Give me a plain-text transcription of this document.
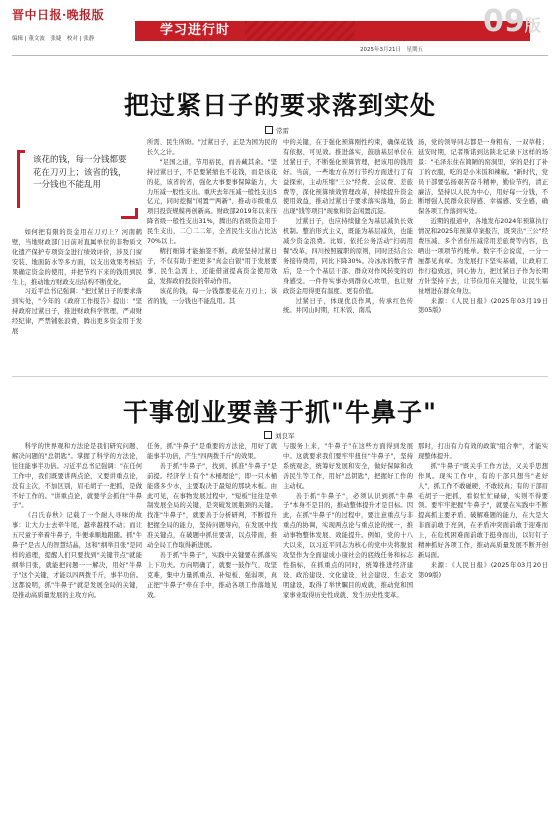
晋中日报·晚报版
编辑 | 董文波　张婕　校对 | 张静
学习进行时	09版
2025年3月21日　星期五
把过紧日子的要求落到实处
常雷
该花的钱，每一分钱都要花在刀刃上；该省的钱，一分钱也不能乱用

如何把有限的资金用在刀刃上？河南鹤壁，当地财政部门日前对直属单位的非物质文化遗产保护专项资金进行绩效评价，涉及门窗安装、地面防水等多方面，以支出效果考核结果确定资金的使用，并把节约下来的钱用到民生上，推动地方财政支出结构不断优化。

习近平总书记强调："把过紧日子的要求落到实处，"今年的《政府工作报告》提出："坚持政府过紧日子，推进财政科学管理，严肃财经纪律，严禁铺张浪费，腾出更多资金用于发展

所需、民生所盼。"过紧日子，正是为国为民的长久之计。

"足国之道，节用裕民，而善藏其余。"坚持过紧日子，不是要紧缩也不花钱，而是该花的花，该省的省，强化大事要事保障能力，大力压减一般性支出。重庆去年压减一般性支出5亿元，同时挖掘"闲置""两新"、推动市级重点项目投资规模再创新高。财政部2019年以来压降省级一般性支出31%，腾出的省级资金用于民生支出，二〇二二年，全省民生支出占比达70%以上。

精打细算才能抽签不断。政府坚持过紧日子，不仅有助于把更多"真金白银"用于发展要事、民生急需上，还能借道提高资金使用效益，发挥政府投资的带动作用。

该花的钱，每一分钱都要花在刀刃上；该省的钱，一分钱也不能乱用。其

中的关键，在于强化预算刚性约束，确保花钱有依据、可见效。推进落实，鼓励基层单位在过紧日子，不断强化预算管理，把该用的钱用好。当前，一些地方在厉行节约方面进行了有益探索，主动压缩"三公"经费、会议费、差旅费等，深化预算绩效管理改革，持续提升资金使用效益，推动过紧日子要求落实落地，防止出现"钱等项目"现象和资金闲置沉淀。

过紧日子，也应持续健全为基层减负长效机制。整治形式主义，既能为基层减负，也能减少资金浪费。比如，依托公务活动"扫码用餐"改革，四川按照履职的原则，同时还结合公务接待费用，同比下降30%。冷冰冰的数字背后，是一个个基层干部、群众对作风转变的切身感受。一件件实事办到群众心坎里，也让财政资金用得更有温度、更有价值。

过紧日子，体现优良作风，传承红色传统。井冈山时期，红米饭、南瓜

汤，党的领导同志都是一身粗布、一双草鞋；延安时期，记者斯诺到达陕北记录下这样的场景："毛泽东住在简陋的窑洞里，穿的是打了补丁的衣服，吃的是小米饭和辣椒。"新时代，党员干部要弘扬艰苦奋斗精神，勤俭节约，清正廉洁，坚持以人民为中心，用好每一分钱，不断增强人民群众获得感、幸福感、安全感，确保各项工作落到实处。

近期的报道中，各地发布2024年预算执行情况和2025年预算草案报告，既突出"三公"经费压减、多个省份压减常用差旅费等内容，也晒出一项项节约账单。数字不会说谎，一分一厘都见真章。为发展打下坚实基础，让政府工作行稳致远，同心协力，把过紧日子作为长期方针坚持下去，让节俭用在关键处，让民生福祉增进在群众身边。

来源：《人民日报》(2025年03月19日　第05版)

干事创业要善于抓"牛鼻子"
刘良军

科学的世界观和方法论是我们研究问题、解决问题的"总钥匙"。掌握了科学的方法论，往往能事半功倍。习近平总书记强调："在任何工作中，我们既要讲两点论，又要讲重点论，没有主次，不加区别，眉毛胡子一把抓，是做不好工作的。"讲重点论，就要学会抓住"牛鼻子"。

《吕氏春秋》记载了一个耐人寻味的故事：让大力士去牵牛尾，越牵越拽不动；而让五尺童子牵着牛鼻子，牛便乖顺地跟随。抓"牛鼻子"是古人的智慧结晶，这和"纲举目张"是同样的道理，提醒人们只要找到"关键节点"就能纲举目张，就能把问题一一解决，用好"牛鼻子"这个关键，才能以四两拨千斤，事半功倍。这都说明，抓"牛鼻子"就是发展全局的关键，是推动高质量发展的主攻方向。

任务，抓"牛鼻子"是重要的方法论，用好了就能事半功倍，产生"四两拨千斤"的效果。

善于抓"牛鼻子"，找到，抓准"牛鼻子"是前提。经济学上有个"木桶理论"，即一只木桶能盛多少水，主要取决于最短的那块木板。由此可见，在事物发展过程中，"短板"往往是牵制发展全局的关键，是突破发展瓶颈的关键。找准"牛鼻子"，就要善于分析研判，不断提升把握全局的能力，坚持问题导向，在发展中找准关键点，在破题中抓住要害，以点带面，推动全局工作取得新进展。

善于抓"牛鼻子"，实践中关键要在抓落实上下功夫。方向明确了，就要一鼓作气、攻坚克难，集中力量抓重点、补短板、强弱项，真正把"牛鼻子"牵在手中，推动各项工作落地见效。

与服务上来，"牛鼻子"在这些方面得到发展中。这就要求我们要牢牢扭住"牛鼻子"，坚持系统观念，统筹好发展和安全，做好保障和改善民生等工作，用好"总钥匙"，把握好工作的主动权。

善于抓"牛鼻子"，必须认识到抓"牛鼻子"本身不是目的，推动整体提升才是目标。因此，在抓"牛鼻子"的过程中，要注意重点与非重点的协调，实现两点论与重点论的统一，推动事物整体发展、效能提升。例如，党的十八大以来，以习近平同志为核心的党中央将脱贫攻坚作为全面建成小康社会的底线任务和标志性指标，在抓重点的同时，统筹推进经济建设、政治建设、文化建设、社会建设、生态文明建设，取得了举世瞩目的成就，推动党和国家事业取得历史性成就、发生历史性变革。

那时，打出有力有效的政策"组合拳"，才能实现整体提升。

抓"牛鼻子"既关乎工作方法，又关乎思想作风。现实工作中，有的干部只想当"老好人"，抓工作不敢碰硬、不敢较真；有的干部眉毛胡子一把抓，看似忙忙碌碌，实则不得要领。要牢牢把握"牛鼻子"，就要在实践中不断提高抓主要矛盾、破解难题的能力，在大是大非面前敢于亮剑，在矛盾冲突面前敢于迎难而上，在危机困难面前敢于挺身而出，以钉钉子精神抓好各项工作，推动高质量发展不断开创新局面。

来源：《人民日报》(2025年03月20日　第09版)
